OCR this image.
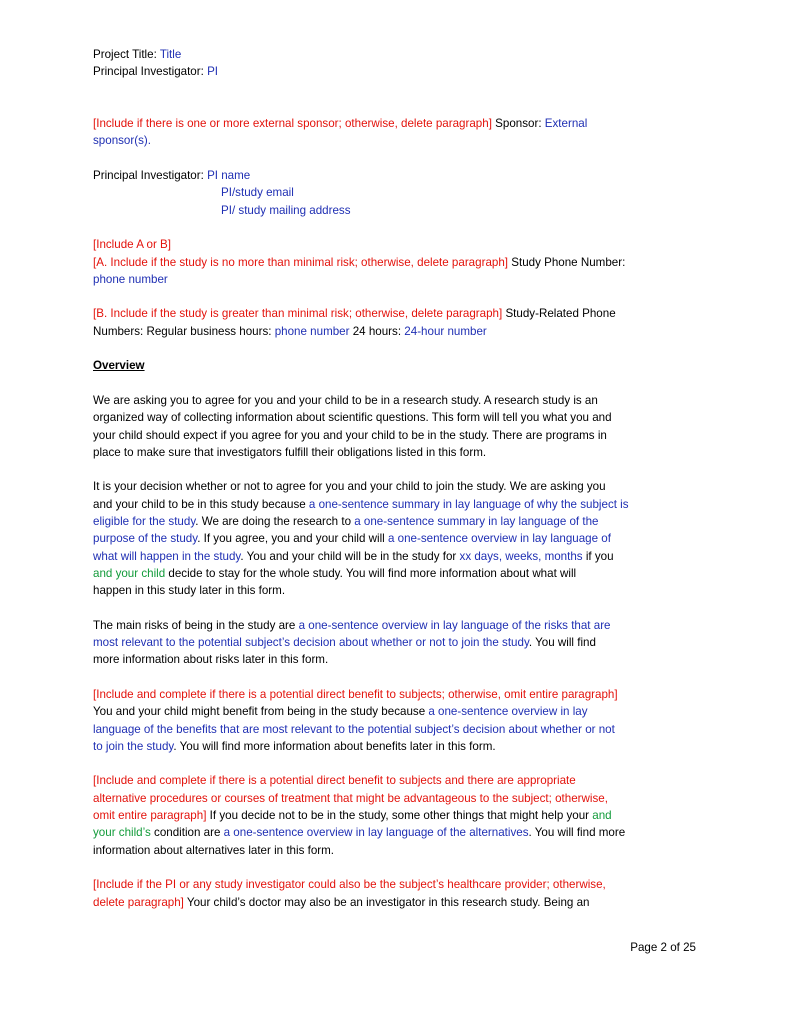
Project Title: Title
Principal Investigator: PI

[Include if there is one or more external sponsor; otherwise, delete paragraph] Sponsor: External
sponsor(s).

Principal Investigator: PI name
PI/study email
PI/ study mailing address
[Include A or B]
[A. Include if the study is no more than minimal risk; otherwise, delete paragraph] Study Phone Number:
phone number
[B. Include if the study is greater than minimal risk; otherwise, delete paragraph] Study-Related Phone
Numbers: Regular business hours: phone number 24 hours: 24-hour number
Overview
We are asking you to agree for you and your child to be in a research study. A research study is an
organized way of collecting information about scientific questions. This form will tell you what you and
your child should expect if you agree for you and your child to be in the study. There are programs in
place to make sure that investigators fulfill their obligations listed in this form.
It is your decision whether or not to agree for you and your child to join the study. We are asking you
and your child to be in this study because a one-sentence summary in lay language of why the subject is
eligible for the study. We are doing the research to a one-sentence summary in lay language of the
purpose of the study. If you agree, you and your child will a one-sentence overview in lay language of
what will happen in the study. You and your child will be in the study for xx days, weeks, months if you
and your child decide to stay for the whole study. You will find more information about what will
happen in this study later in this form.
The main risks of being in the study are a one-sentence overview in lay language of the risks that are
most relevant to the potential subject’s decision about whether or not to join the study. You will find
more information about risks later in this form.
[Include and complete if there is a potential direct benefit to subjects; otherwise, omit entire paragraph]
You and your child might benefit from being in the study because a one-sentence overview in lay
language of the benefits that are most relevant to the potential subject’s decision about whether or not
to join the study. You will find more information about benefits later in this form.
[Include and complete if there is a potential direct benefit to subjects and there are appropriate
alternative procedures or courses of treatment that might be advantageous to the subject; otherwise,
omit entire paragraph] If you decide not to be in the study, some other things that might help your and
your child’s condition are a one-sentence overview in lay language of the alternatives. You will find more
information about alternatives later in this form.
[Include if the PI or any study investigator could also be the subject’s healthcare provider; otherwise,
delete paragraph] Your child’s doctor may also be an investigator in this research study. Being an
Page 2 of 25
